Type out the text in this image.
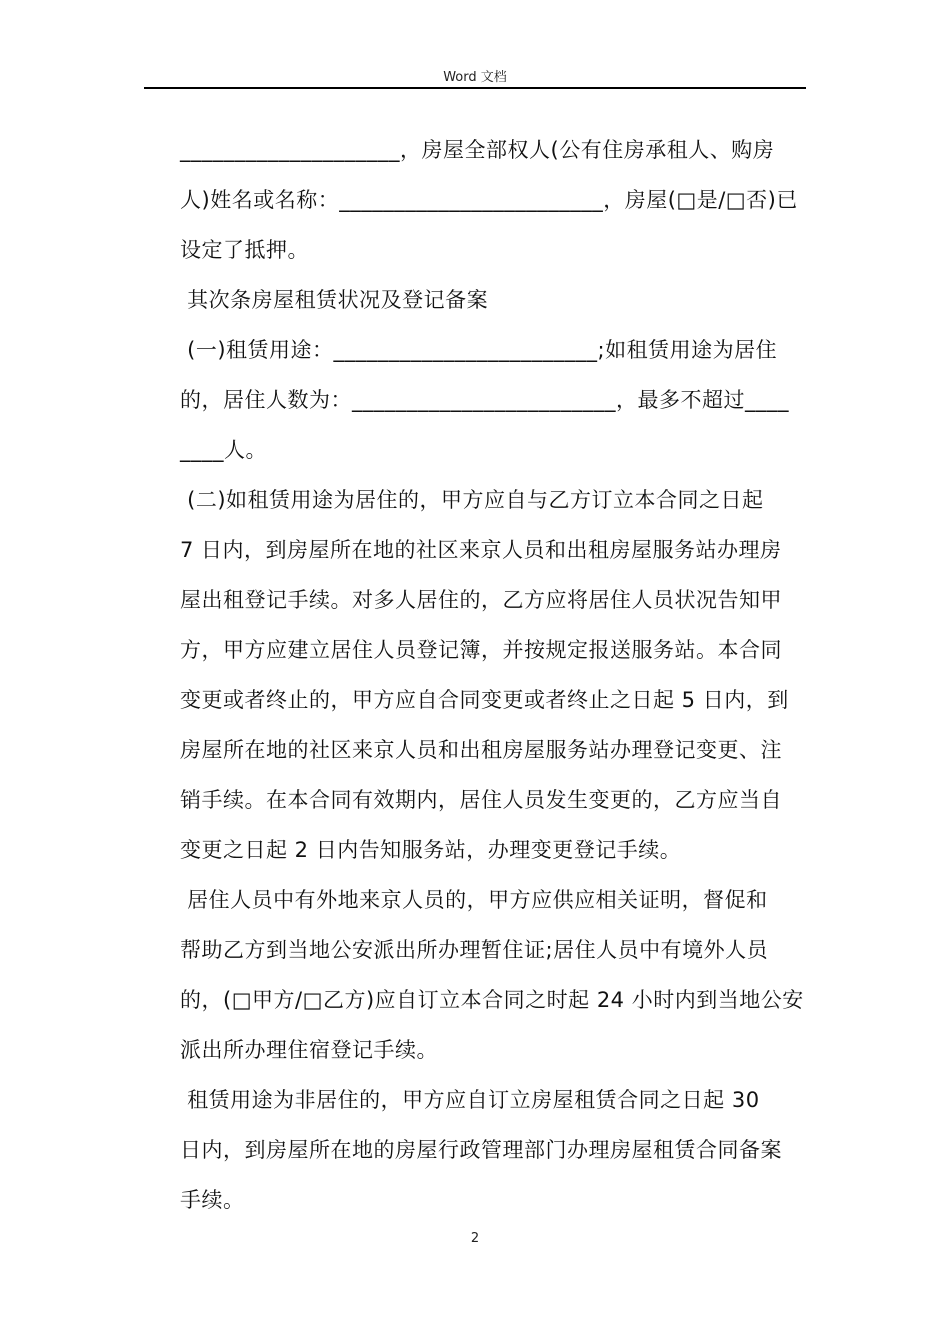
Word 文档
____________________，房屋全部权人(公有住房承租人、购房
人)姓名或名称：________________________，房屋(□是/□否)已
设定了抵押。
其次条房屋租赁状况及登记备案
(一)租赁用途：________________________;如租赁用途为居住
的，居住人数为：________________________，最多不超过____
____人。
(二)如租赁用途为居住的，甲方应自与乙方订立本合同之日起
7 日内，到房屋所在地的社区来京人员和出租房屋服务站办理房
屋出租登记手续。对多人居住的，乙方应将居住人员状况告知甲
方，甲方应建立居住人员登记簿，并按规定报送服务站。本合同
变更或者终止的，甲方应自合同变更或者终止之日起 5 日内，到
房屋所在地的社区来京人员和出租房屋服务站办理登记变更、注
销手续。在本合同有效期内，居住人员发生变更的，乙方应当自
变更之日起 2 日内告知服务站，办理变更登记手续。
居住人员中有外地来京人员的，甲方应供应相关证明，督促和
帮助乙方到当地公安派出所办理暂住证;居住人员中有境外人员
的，(□甲方/□乙方)应自订立本合同之时起 24 小时内到当地公安
派出所办理住宿登记手续。
租赁用途为非居住的，甲方应自订立房屋租赁合同之日起 30
日内，到房屋所在地的房屋行政管理部门办理房屋租赁合同备案
手续。
2
